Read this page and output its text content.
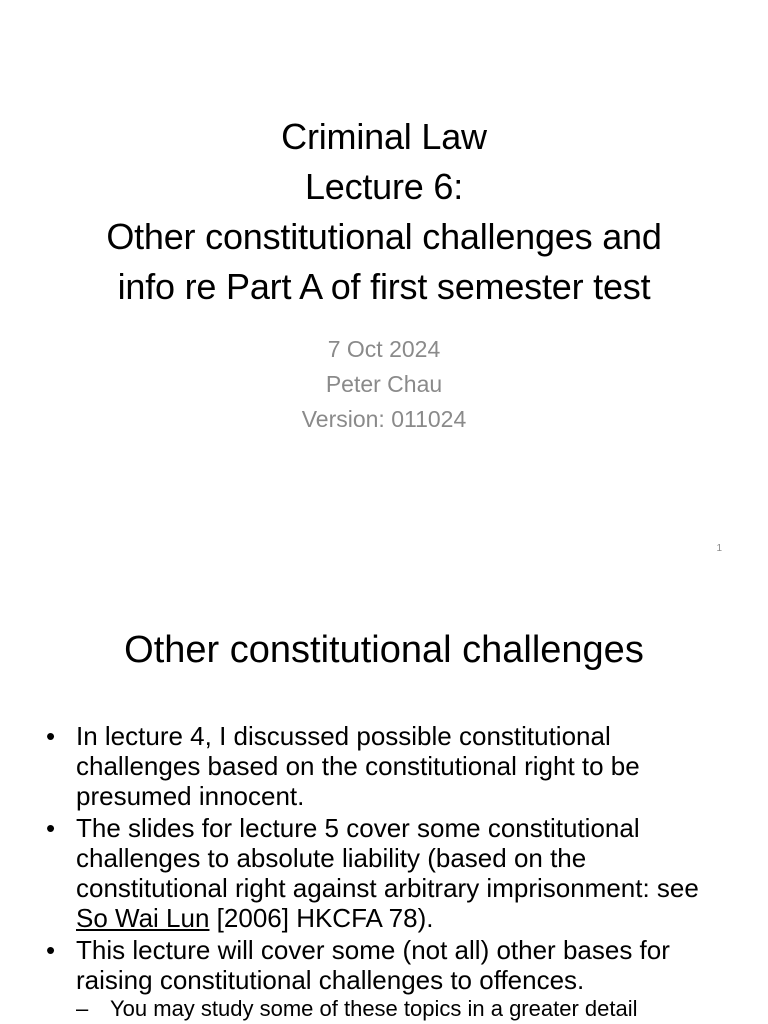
Criminal Law
Lecture 6:
Other constitutional challenges and
info re Part A of first semester test
7 Oct 2024
Peter Chau
Version: 011024
1
Other constitutional challenges
• In lecture 4, I discussed possible constitutional challenges based on the constitutional right to be presumed innocent.
• The slides for lecture 5 cover some constitutional challenges to absolute liability (based on the constitutional right against arbitrary imprisonment: see So Wai Lun [2006] HKCFA 78).
• This lecture will cover some (not all) other bases for raising constitutional challenges to offences.
– You may study some of these topics in a greater detail
